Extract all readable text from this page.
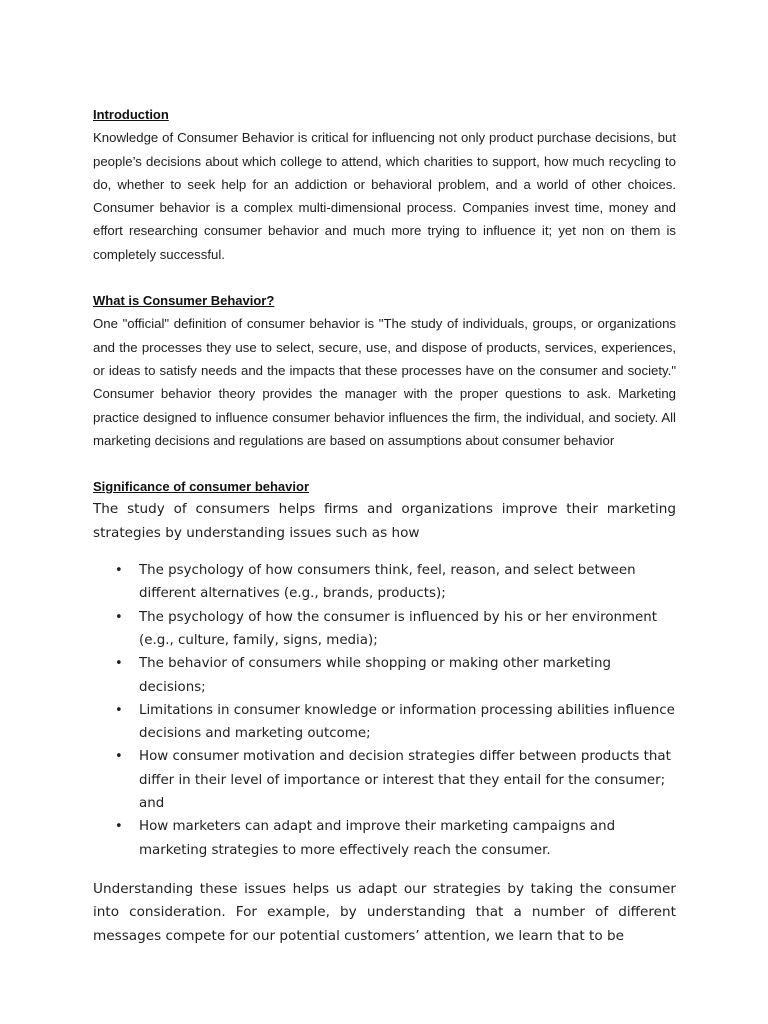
Introduction

Knowledge of Consumer Behavior is critical for influencing not only product purchase decisions, but people’s decisions about which college to attend, which charities to support, how much recycling to do, whether to seek help for an addiction or behavioral problem, and a world of other choices. Consumer behavior is a complex multi-dimensional process. Companies invest time, money and effort researching consumer behavior and much more trying to influence it; yet non on them is completely successful.

What is Consumer Behavior?

One "official" definition of consumer behavior is "The study of individuals, groups, or organizations and the processes they use to select, secure, use, and dispose of products, services, experiences, or ideas to satisfy needs and the impacts that these processes have on the consumer and society." Consumer behavior theory provides the manager with the proper questions to ask. Marketing practice designed to influence consumer behavior influences the firm, the individual, and society. All marketing decisions and regulations are based on assumptions about consumer behavior

Significance of consumer behavior

The study of consumers helps firms and organizations improve their marketing strategies by understanding issues such as how

• The psychology of how consumers think, feel, reason, and select between different alternatives (e.g., brands, products);
• The psychology of how the consumer is influenced by his or her environment (e.g., culture, family, signs, media);
• The behavior of consumers while shopping or making other marketing decisions;
• Limitations in consumer knowledge or information processing abilities influence decisions and marketing outcome;
• How consumer motivation and decision strategies differ between products that differ in their level of importance or interest that they entail for the consumer; and
• How marketers can adapt and improve their marketing campaigns and marketing strategies to more effectively reach the consumer.

Understanding these issues helps us adapt our strategies by taking the consumer into consideration. For example, by understanding that a number of different messages compete for our potential customers’ attention, we learn that to be
